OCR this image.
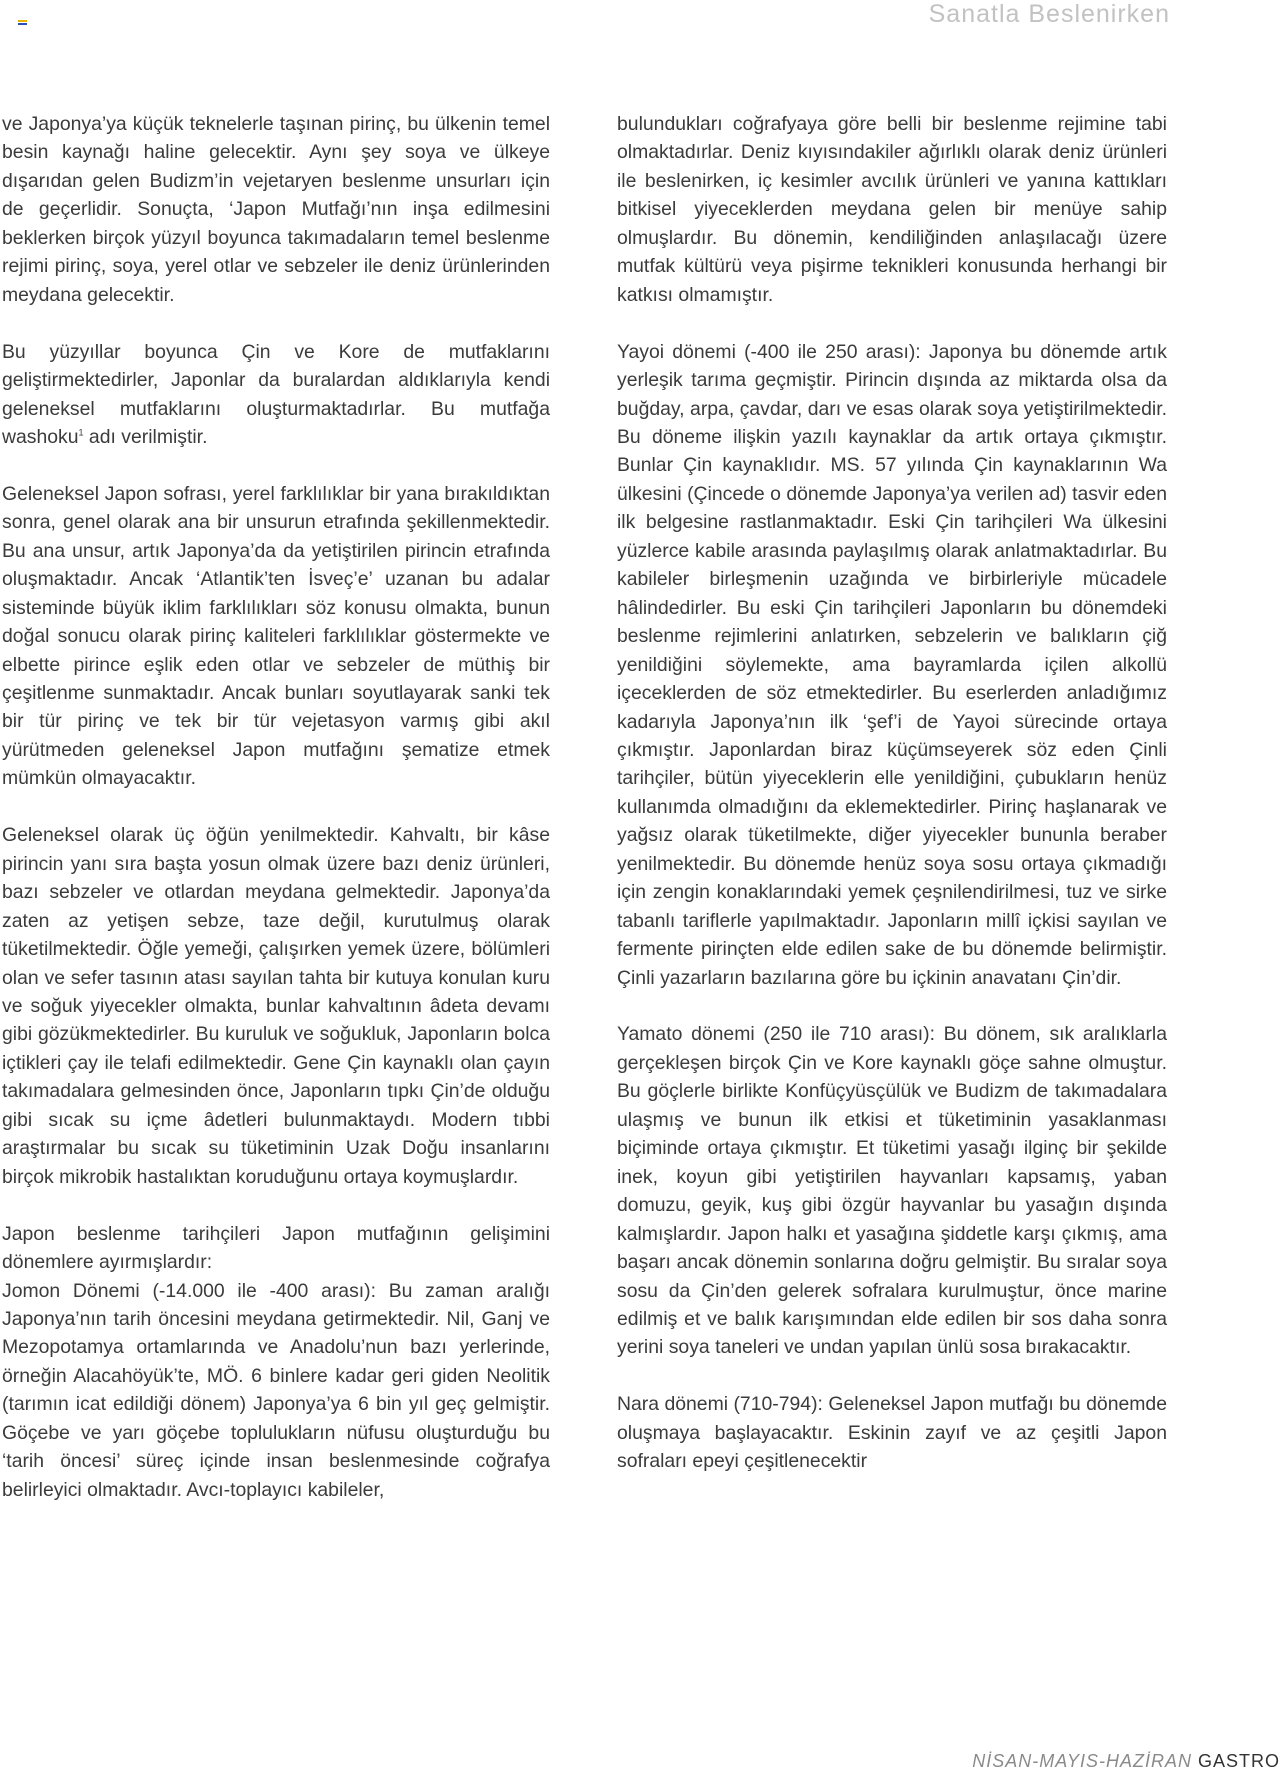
Sanatla Beslenirken

ve Japonya’ya küçük teknelerle taşınan pirinç, bu ülkenin temel besin kaynağı haline gelecektir. Aynı şey soya ve ülkeye dışarıdan gelen Budizm’in vejetaryen beslenme unsurları için de geçerlidir. Sonuçta, ‘Japon Mutfağı’nın inşa edilmesini beklerken birçok yüzyıl boyunca takımadaların temel beslenme rejimi pirinç, soya, yerel otlar ve sebzeler ile deniz ürünlerinden meydana gelecektir.

Bu yüzyıllar boyunca Çin ve Kore de mutfaklarını geliştirmektedirler, Japonlar da buralardan aldıklarıyla kendi geleneksel mutfaklarını oluşturmaktadırlar. Bu mutfağa washoku$^1$ adı verilmiştir.

Geleneksel Japon sofrası, yerel farklılıklar bir yana bırakıldıktan sonra, genel olarak ana bir unsurun etrafında şekillenmektedir. Bu ana unsur, artık Japonya’da da yetiştirilen pirincin etrafında oluşmaktadır. Ancak ‘Atlantik’ten İsveç’e’ uzanan bu adalar sisteminde büyük iklim farklılıkları söz konusu olmakta, bunun doğal sonucu olarak pirinç kaliteleri farklılıklar göstermekte ve elbette pirince eşlik eden otlar ve sebzeler de müthiş bir çeşitlenme sunmaktadır. Ancak bunları soyutlayarak sanki tek bir tür pirinç ve tek bir tür vejetasyon varmış gibi akıl yürütmeden geleneksel Japon mutfağını şematize etmek mümkün olmayacaktır.

Geleneksel olarak üç öğün yenilmektedir. Kahvaltı, bir kâse pirincin yanı sıra başta yosun olmak üzere bazı deniz ürünleri, bazı sebzeler ve otlardan meydana gelmektedir. Japonya’da zaten az yetişen sebze, taze değil, kurutulmuş olarak tüketilmektedir. Öğle yemeği, çalışırken yemek üzere, bölümleri olan ve sefer tasının atası sayılan tahta bir kutuya konulan kuru ve soğuk yiyecekler olmakta, bunlar kahvaltının âdeta devamı gibi gözükmektedirler. Bu kuruluk ve soğukluk, Japonların bolca içtikleri çay ile telafi edilmektedir. Gene Çin kaynaklı olan çayın takımadalara gelmesinden önce, Japonların tıpkı Çin’de olduğu gibi sıcak su içme âdetleri bulunmaktaydı. Modern tıbbi araştırmalar bu sıcak su tüketiminin Uzak Doğu insanlarını birçok mikrobik hastalıktan koruduğunu ortaya koymuşlardır.

Japon beslenme tarihçileri Japon mutfağının gelişimini dönemlere ayırmışlardır:

Jomon Dönemi (-14.000 ile -400 arası): Bu zaman aralığı Japonya’nın tarih öncesini meydana getirmektedir. Nil, Ganj ve Mezopotamya ortamlarında ve Anadolu’nun bazı yerlerinde, örneğin Alacahöyük’te, MÖ. 6 binlere kadar geri giden Neolitik (tarımın icat edildiği dönem) Japonya’ya 6 bin yıl geç gelmiştir. Göçebe ve yarı göçebe toplulukların nüfusu oluşturduğu bu ‘tarih öncesi’ süreç içinde insan beslenmesinde coğrafya belirleyici olmaktadır. Avcı-toplayıcı kabileler,

bulundukları coğrafyaya göre belli bir beslenme rejimine tabi olmaktadırlar. Deniz kıyısındakiler ağırlıklı olarak deniz ürünleri ile beslenirken, iç kesimler avcılık ürünleri ve yanına kattıkları bitkisel yiyeceklerden meydana gelen bir menüye sahip olmuşlardır. Bu dönemin, kendiliğinden anlaşılacağı üzere mutfak kültürü veya pişirme teknikleri konusunda herhangi bir katkısı olmamıştır.

Yayoi dönemi (-400 ile 250 arası): Japonya bu dönemde artık yerleşik tarıma geçmiştir. Pirincin dışında az miktarda olsa da buğday, arpa, çavdar, darı ve esas olarak soya yetiştirilmektedir. Bu döneme ilişkin yazılı kaynaklar da artık ortaya çıkmıştır. Bunlar Çin kaynaklıdır. MS. 57 yılında Çin kaynaklarının Wa ülkesini (Çincede o dönemde Japonya’ya verilen ad) tasvir eden ilk belgesine rastlanmaktadır. Eski Çin tarihçileri Wa ülkesini yüzlerce kabile arasında paylaşılmış olarak anlatmaktadırlar. Bu kabileler birleşmenin uzağında ve birbirleriyle mücadele hâlindedirler. Bu eski Çin tarihçileri Japonların bu dönemdeki beslenme rejimlerini anlatırken, sebzelerin ve balıkların çiğ yenildiğini söylemekte, ama bayramlarda içilen alkollü içeceklerden de söz etmektedirler. Bu eserlerden anladığımız kadarıyla Japonya’nın ilk ‘şef’i de Yayoi sürecinde ortaya çıkmıştır. Japonlardan biraz küçümseyerek söz eden Çinli tarihçiler, bütün yiyeceklerin elle yenildiğini, çubukların henüz kullanımda olmadığını da eklemektedirler. Pirinç haşlanarak ve yağsız olarak tüketilmekte, diğer yiyecekler bununla beraber yenilmektedir. Bu dönemde henüz soya sosu ortaya çıkmadığı için zengin konaklarındaki yemek çeşnilendirilmesi, tuz ve sirke tabanlı tariflerle yapılmaktadır. Japonların millî içkisi sayılan ve fermente pirinçten elde edilen sake de bu dönemde belirmiştir. Çinli yazarların bazılarına göre bu içkinin anavatanı Çin’dir.

Yamato dönemi (250 ile 710 arası): Bu dönem, sık aralıklarla gerçekleşen birçok Çin ve Kore kaynaklı göçe sahne olmuştur. Bu göçlerle birlikte Konfüçyüsçülük ve Budizm de takımadalara ulaşmış ve bunun ilk etkisi et tüketiminin yasaklanması biçiminde ortaya çıkmıştır. Et tüketimi yasağı ilginç bir şekilde inek, koyun gibi yetiştirilen hayvanları kapsamış, yaban domuzu, geyik, kuş gibi özgür hayvanlar bu yasağın dışında kalmışlardır. Japon halkı et yasağına şiddetle karşı çıkmış, ama başarı ancak dönemin sonlarına doğru gelmiştir. Bu sıralar soya sosu da Çin’den gelerek sofralara kurulmuştur, önce marine edilmiş et ve balık karışımından elde edilen bir sos daha sonra yerini soya taneleri ve undan yapılan ünlü sosa bırakacaktır.

Nara dönemi (710-794): Geleneksel Japon mutfağı bu dönemde oluşmaya başlayacaktır. Eskinin zayıf ve az çeşitli Japon sofraları epeyi çeşitlenecektir

NİSAN-MAYIS-HAZİRAN GASTRO
